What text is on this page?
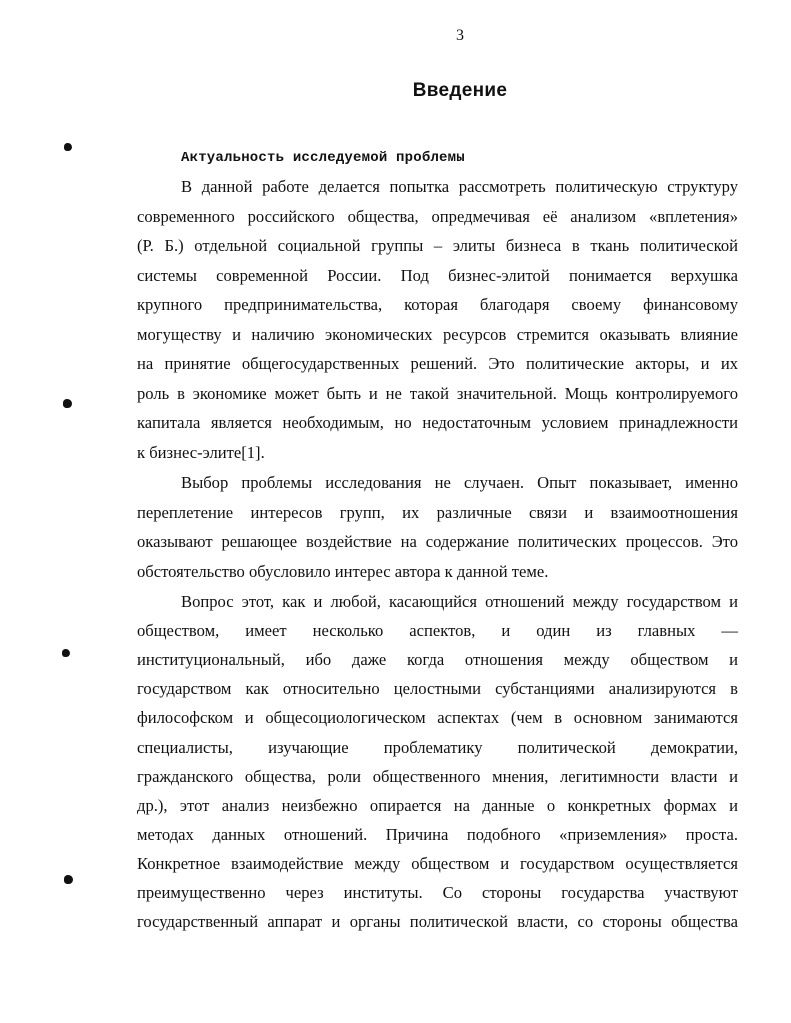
3
Введение
Актуальность исследуемой проблемы
В данной работе делается попытка рассмотреть политическую структуру
современного российского общества, опредмечивая её анализом «вплетения»
(Р. Б.) отдельной социальной группы – элиты бизнеса в ткань политической
системы современной России. Под бизнес-элитой понимается верхушка
крупного предпринимательства, которая благодаря своему финансовому
могуществу и наличию экономических ресурсов стремится оказывать влияние
на принятие общегосударственных решений. Это политические акторы, и их
роль в экономике может быть и не такой значительной. Мощь контролируемого
капитала является необходимым, но недостаточным условием принадлежности
к бизнес-элите[1].
Выбор проблемы исследования не случаен. Опыт показывает, именно
переплетение интересов групп, их различные связи и взаимоотношения
оказывают решающее воздействие на содержание политических процессов. Это
обстоятельство обусловило интерес автора к данной теме.
Вопрос этот, как и любой, касающийся отношений между государством и
обществом, имеет несколько аспектов, и один из главных —
институциональный, ибо даже когда отношения между обществом и
государством как относительно целостными субстанциями анализируются в
философском и общесоциологическом аспектах (чем в основном занимаются
специалисты, изучающие проблематику политической демократии,
гражданского общества, роли общественного мнения, легитимности власти и
др.), этот анализ неизбежно опирается на данные о конкретных формах и
методах данных отношений. Причина подобного «приземления» проста.
Конкретное взаимодействие между обществом и государством осуществляется
преимущественно через институты. Со стороны государства участвуют
государственный аппарат и органы политической власти, со стороны общества
